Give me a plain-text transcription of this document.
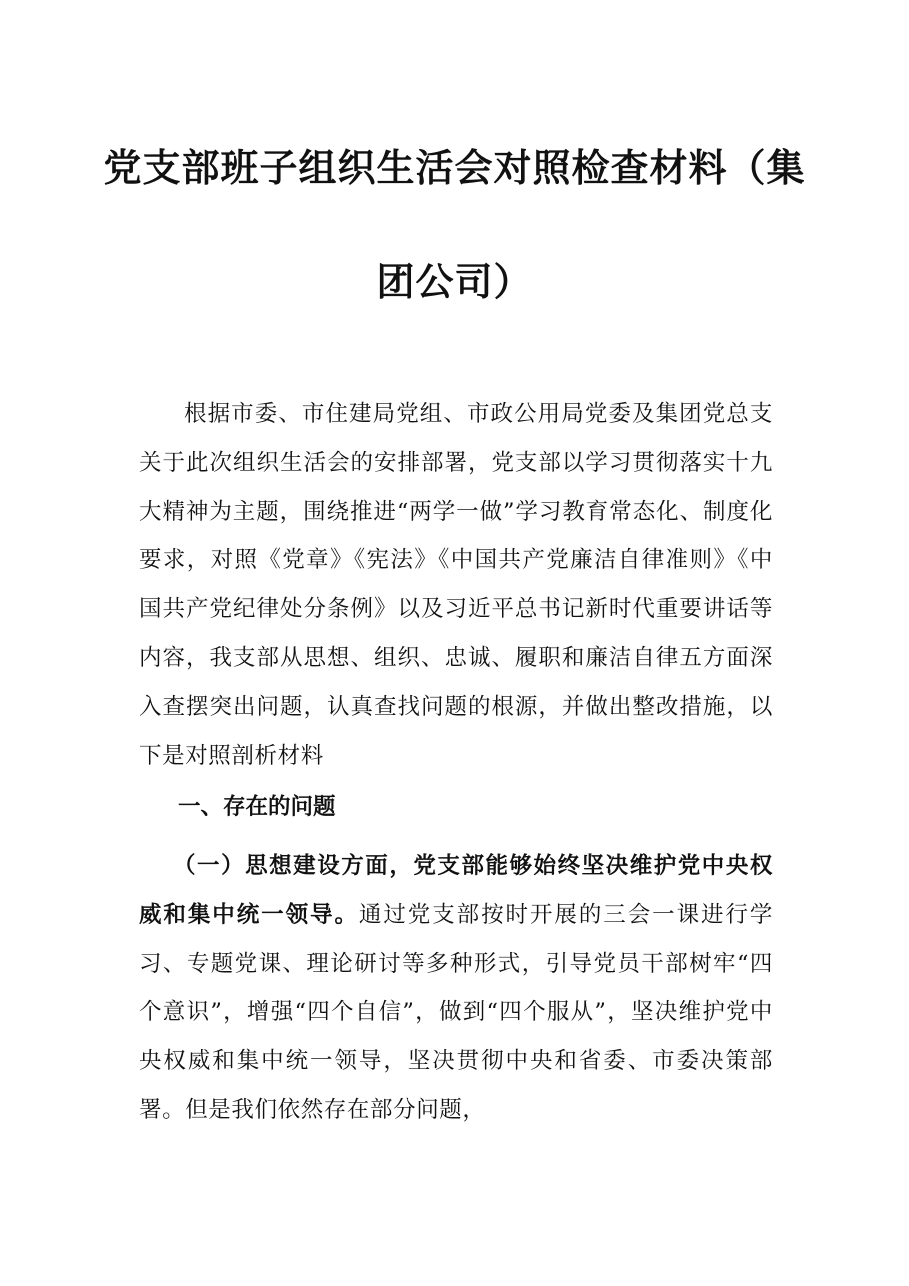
党支部班子组织生活会对照检查材料（集
团公司）

根据市委、市住建局党组、市政公用局党委及集团党总支关于此次组织生活会的安排部署，党支部以学习贯彻落实十九大精神为主题，围绕推进“两学一做”学习教育常态化、制度化要求，对照《党章》《宪法》《中国共产党廉洁自律准则》《中国共产党纪律处分条例》以及习近平总书记新时代重要讲话等内容，我支部从思想、组织、忠诚、履职和廉洁自律五方面深入查摆突出问题，认真查找问题的根源，并做出整改措施，以下是对照剖析材料

一、存在的问题

（一）思想建设方面，党支部能够始终坚决维护党中央权威和集中统一领导。通过党支部按时开展的三会一课进行学习、专题党课、理论研讨等多种形式，引导党员干部树牢“四个意识”，增强“四个自信”，做到“四个服从”，坚决维护党中央权威和集中统一领导，坚决贯彻中央和省委、市委决策部署。但是我们依然存在部分问题，
